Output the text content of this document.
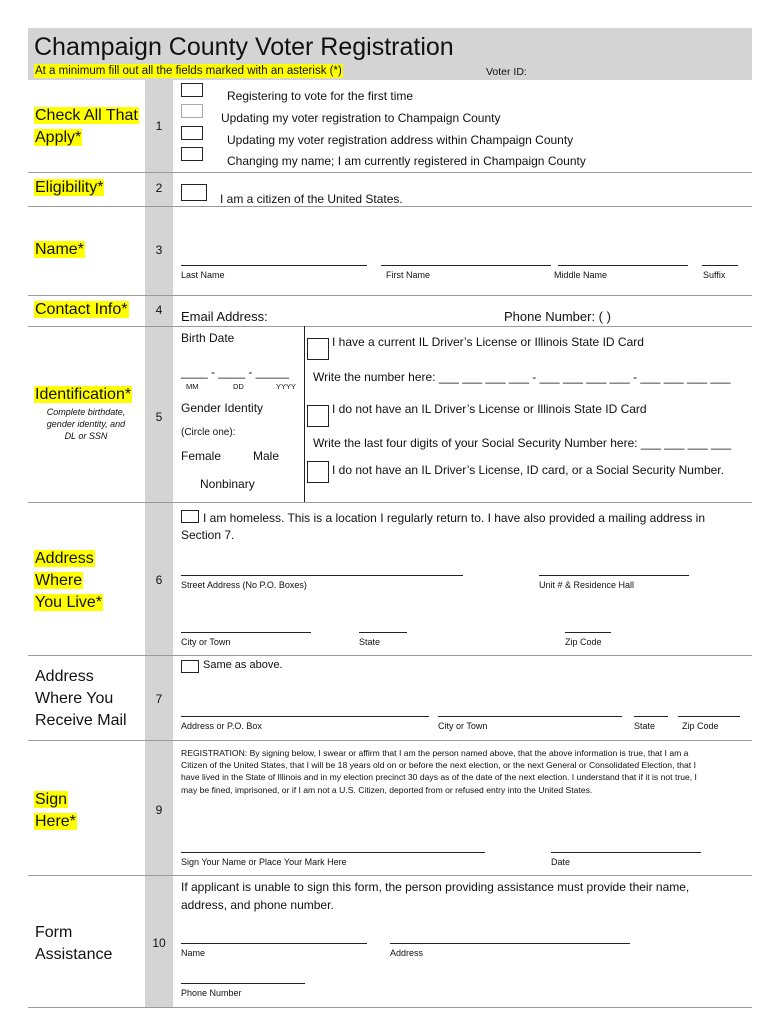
Champaign County Voter Registration
At a minimum fill out all the fields marked with an asterisk (*)	Voter ID:
Check All That
Apply*
1
Registering to vote for the first time
Updating my voter registration to Champaign County
Updating my voter registration address within Champaign County
Changing my name; I am currently registered in Champaign County
Eligibility*	2
I am a citizen of the United States.
Name*	3
Last Name	First Name	Middle Name	Suffix
Contact Info*	4	Email Address:	Phone Number: ( )
Identification*
Complete birthdate,
gender identity, and
DL or SSN
5
Birth Date
____ - ____ - _____
MM	DD	YYYY
Gender Identity
(Circle one):
Female	Male
Nonbinary
I have a current IL Driver’s License or Illinois State ID Card
Write the number here: ___ ___ ___ ___ - ___ ___ ___ ___ - ___ ___ ___ ___
I do not have an IL Driver’s License or Illinois State ID Card
Write the last four digits of your Social Security Number here: ___ ___ ___ ___
I do not have an IL Driver’s License, ID card, or a Social Security Number.
Address
Where
You Live*
6
I am homeless. This is a location I regularly return to. I have also provided a mailing address in
Section 7.
Street Address (No P.O. Boxes)	Unit # & Residence Hall
City or Town	State	Zip Code
Address
Where You
Receive Mail
7
Same as above.
Address or P.O. Box	City or Town	State	Zip Code
Sign
Here*
9
REGISTRATION: By signing below, I swear or affirm that I am the person named above, that the above information is true, that I am a
Citizen of the United States, that I will be 18 years old on or before the next election, or the next General or Consolidated Election, that I
have lived in the State of Illinois and in my election precinct 30 days as of the date of the next election. I understand that if it is not true, I
may be fined, imprisoned, or if I am not a U.S. Citizen, deported from or refused entry into the United States.
Sign Your Name or Place Your Mark Here	Date
Form
Assistance
10
If applicant is unable to sign this form, the person providing assistance must provide their name,
address, and phone number.
Name	Address
Phone Number
